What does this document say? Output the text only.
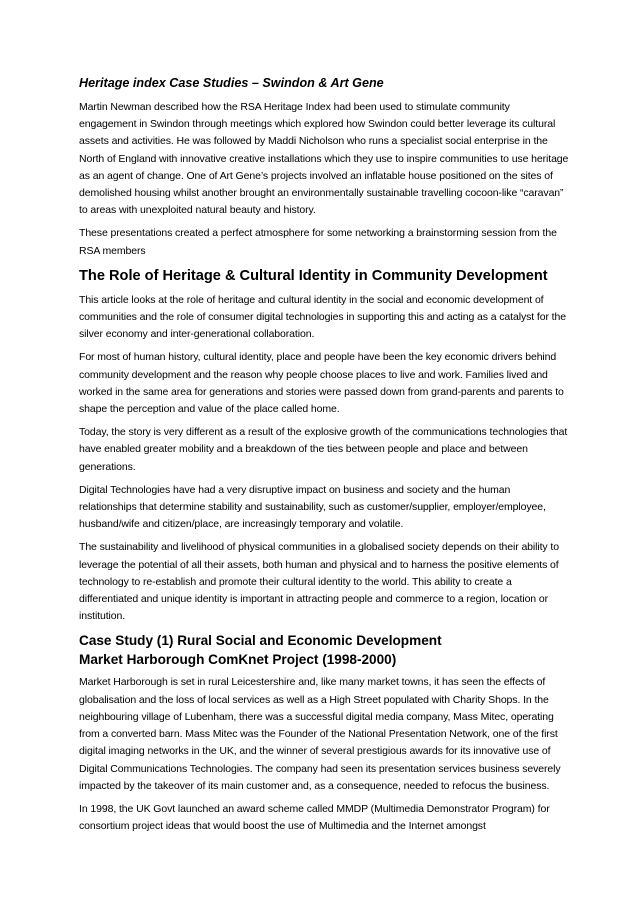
Heritage index Case Studies – Swindon & Art Gene

Martin Newman described how the RSA Heritage Index had been used to stimulate community engagement in Swindon through meetings which explored how Swindon could better leverage its cultural assets and activities. He was followed by Maddi Nicholson who runs a specialist social enterprise in the North of England with innovative creative installations which they use to inspire communities to use heritage as an agent of change. One of Art Gene’s projects involved an inflatable house positioned on the sites of demolished housing whilst another brought an environmentally sustainable travelling cocoon-like “caravan” to areas with unexploited natural beauty and history.

These presentations created a perfect atmosphere for some networking a brainstorming session from the RSA members

The Role of Heritage & Cultural Identity in Community Development

This article looks at the role of heritage and cultural identity in the social and economic development of communities and the role of consumer digital technologies in supporting this and acting as a catalyst for the silver economy and inter-generational collaboration.

For most of human history, cultural identity, place and people have been the key economic drivers behind community development and the reason why people choose places to live and work. Families lived and worked in the same area for generations and stories were passed down from grand-parents and parents to shape the perception and value of the place called home.

Today, the story is very different as a result of the explosive growth of the communications technologies that have enabled greater mobility and a breakdown of the ties between people and place and between generations.

Digital Technologies have had a very disruptive impact on business and society and the human relationships that determine stability and sustainability, such as customer/supplier, employer/employee, husband/wife and citizen/place, are increasingly temporary and volatile.

The sustainability and livelihood of physical communities in a globalised society depends on their ability to leverage the potential of all their assets, both human and physical and to harness the positive elements of technology to re-establish and promote their cultural identity to the world. This ability to create a differentiated and unique identity is important in attracting people and commerce to a region, location or institution.

Case Study (1) Rural Social and Economic Development
Market Harborough ComKnet Project (1998-2000)

Market Harborough is set in rural Leicestershire and, like many market towns, it has seen the effects of globalisation and the loss of local services as well as a High Street populated with Charity Shops. In the neighbouring village of Lubenham, there was a successful digital media company, Mass Mitec, operating from a converted barn. Mass Mitec was the Founder of the National Presentation Network, one of the first digital imaging networks in the UK, and the winner of several prestigious awards for its innovative use of Digital Communications Technologies. The company had seen its presentation services business severely impacted by the takeover of its main customer and, as a consequence, needed to refocus the business.

In 1998, the UK Govt launched an award scheme called MMDP (Multimedia Demonstrator Program) for consortium project ideas that would boost the use of Multimedia and the Internet amongst
